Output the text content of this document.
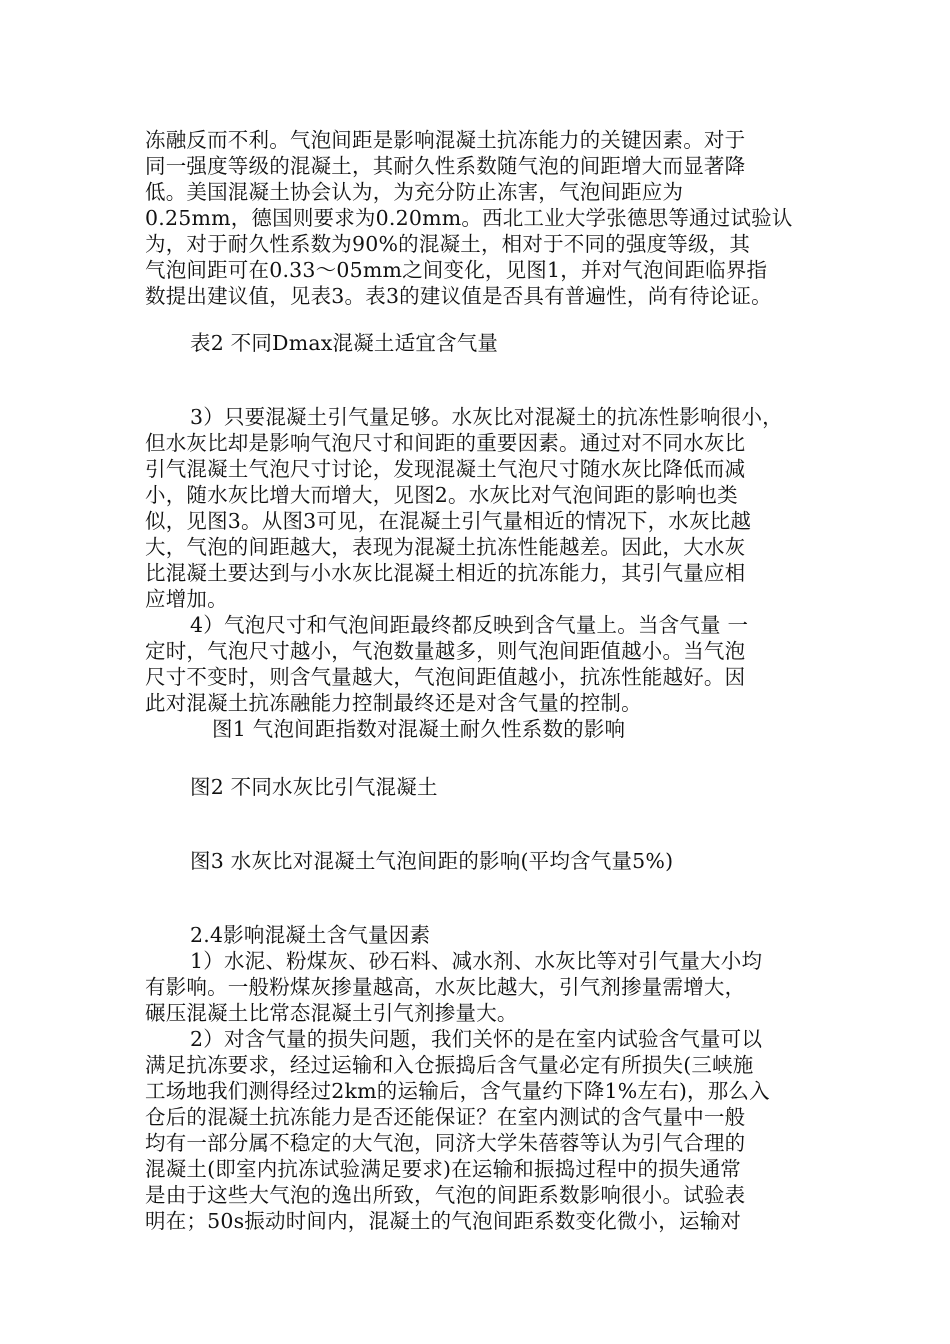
冻融反而不利。气泡间距是影响混凝土抗冻能力的关键因素。对于
同一强度等级的混凝土，其耐久性系数随气泡的间距增大而显著降
低。美国混凝土协会认为，为充分防止冻害，气泡间距应为
0.25mm，德国则要求为0.20mm。西北工业大学张德思等通过试验认
为，对于耐久性系数为90%的混凝土，相对于不同的强度等级，其
气泡间距可在0.33～05mm之间变化，见图1，并对气泡间距临界指
数提出建议值，见表3。表3的建议值是否具有普遍性，尚有待论证。
表2 不同Dmax混凝土适宜含气量
3）只要混凝土引气量足够。水灰比对混凝土的抗冻性影响很小，
但水灰比却是影响气泡尺寸和间距的重要因素。通过对不同水灰比
引气混凝土气泡尺寸讨论，发现混凝土气泡尺寸随水灰比降低而减
小，随水灰比增大而增大，见图2。水灰比对气泡间距的影响也类
似，见图3。从图3可见，在混凝土引气量相近的情况下，水灰比越
大，气泡的间距越大，表现为混凝土抗冻性能越差。因此，大水灰
比混凝土要达到与小水灰比混凝土相近的抗冻能力，其引气量应相
应增加。
4）气泡尺寸和气泡间距最终都反映到含气量上。当含气量 一
定时，气泡尺寸越小，气泡数量越多，则气泡间距值越小。当气泡
尺寸不变时，则含气量越大，气泡间距值越小，抗冻性能越好。因
此对混凝土抗冻融能力控制最终还是对含气量的控制。
图1 气泡间距指数对混凝土耐久性系数的影响
图2 不同水灰比引气混凝土
图3 水灰比对混凝土气泡间距的影响(平均含气量5%)
2.4影响混凝土含气量因素
1）水泥、粉煤灰、砂石料、减水剂、水灰比等对引气量大小均
有影响。一般粉煤灰掺量越高，水灰比越大，引气剂掺量需增大，
碾压混凝土比常态混凝土引气剂掺量大。
2）对含气量的损失问题，我们关怀的是在室内试验含气量可以
满足抗冻要求，经过运输和入仓振捣后含气量必定有所损失(三峡施
工场地我们测得经过2km的运输后，含气量约下降1%左右)，那么入
仓后的混凝土抗冻能力是否还能保证？在室内测试的含气量中一般
均有一部分属不稳定的大气泡，同济大学朱蓓蓉等认为引气合理的
混凝土(即室内抗冻试验满足要求)在运输和振捣过程中的损失通常
是由于这些大气泡的逸出所致，气泡的间距系数影响很小。试验表
明在；50s振动时间内，混凝土的气泡间距系数变化微小，运输对
